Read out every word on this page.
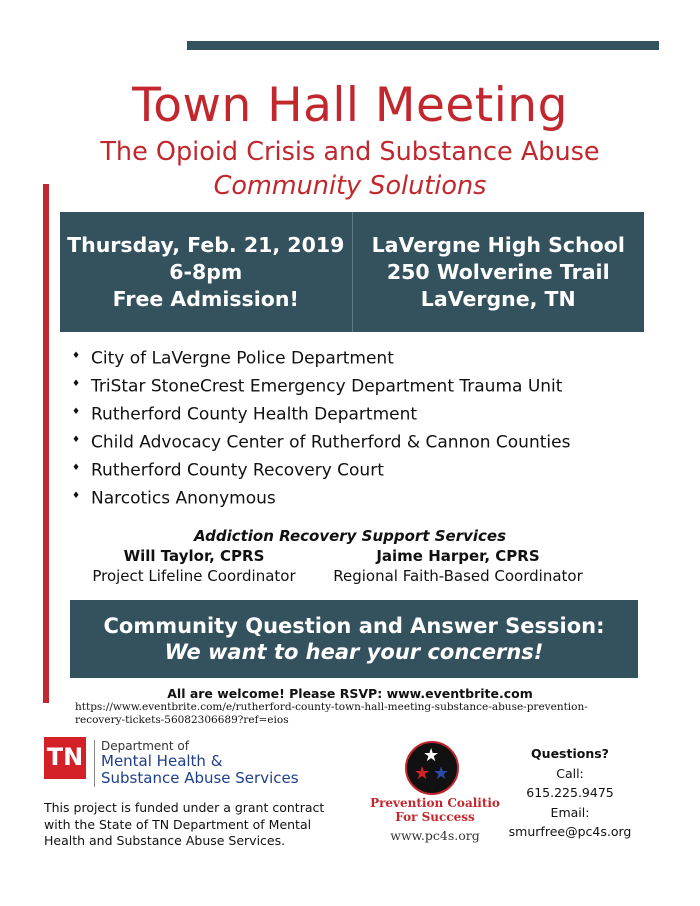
Town Hall Meeting
The Opioid Crisis and Substance Abuse
Community Solutions
Thursday, Feb. 21, 2019
6-8pm
Free Admission!
LaVergne High School
250 Wolverine Trail
LaVergne, TN
♦ City of LaVergne Police Department
♦ TriStar StoneCrest Emergency Department Trauma Unit
♦ Rutherford County Health Department
♦ Child Advocacy Center of Rutherford & Cannon Counties
♦ Rutherford County Recovery Court
♦ Narcotics Anonymous
Addiction Recovery Support Services
Will Taylor, CPRS
Project Lifeline Coordinator
Jaime Harper, CPRS
Regional Faith-Based Coordinator
Community Question and Answer Session:
We want to hear your concerns!
All are welcome! Please RSVP: www.eventbrite.com
https://www.eventbrite.com/e/rutherford-county-town-hall-meeting-substance-abuse-prevention-recovery-tickets-56082306689?ref=eios
TN Department of
Mental Health &
Substance Abuse Services
This project is funded under a grant contract with the State of TN Department of Mental Health and Substance Abuse Services.
★
★ ★
Prevention Coalitio
For Success
www.pc4s.org
Questions?
Call:
615.225.9475
Email:
smurfree@pc4s.org
